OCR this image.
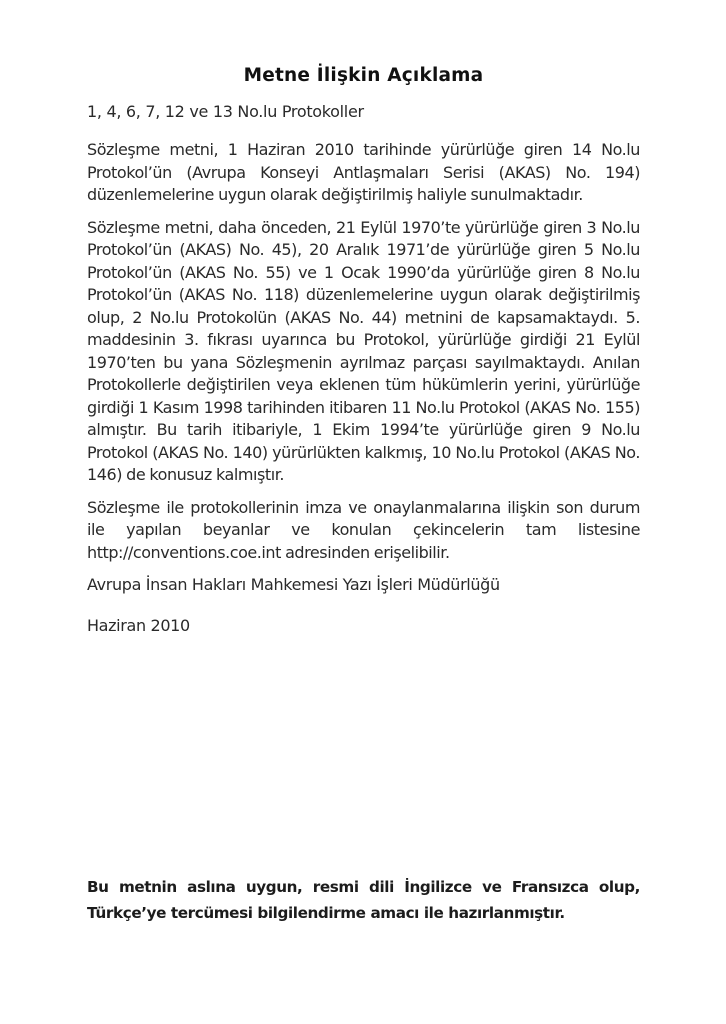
Metne İlişkin Açıklama

1, 4, 6, 7, 12 ve 13 No.lu Protokoller

Sözleşme metni, 1 Haziran 2010 tarihinde yürürlüğe giren 14 No.lu Protokol’ün (Avrupa Konseyi Antlaşmaları Serisi (AKAS) No. 194) düzenlemelerine uygun olarak değiştirilmiş haliyle sunulmaktadır.

Sözleşme metni, daha önceden, 21 Eylül 1970’te yürürlüğe giren 3 No.lu Protokol’ün (AKAS) No. 45), 20 Aralık 1971’de yürürlüğe giren 5 No.lu Protokol’ün (AKAS No. 55) ve 1 Ocak 1990’da yürürlüğe giren 8 No.lu Protokol’ün (AKAS No. 118) düzenlemelerine uygun olarak değiştirilmiş olup, 2 No.lu Protokolün (AKAS No. 44) metnini de kapsamaktaydı. 5. maddesinin 3. fıkrası uyarınca bu Protokol, yürürlüğe girdiği 21 Eylül 1970’ten bu yana Sözleşmenin ayrılmaz parçası sayılmaktaydı. Anılan Protokollerle değiştirilen veya eklenen tüm hükümlerin yerini, yürürlüğe girdiği 1 Kasım 1998 tarihinden itibaren 11 No.lu Protokol (AKAS No. 155) almıştır. Bu tarih itibariyle, 1 Ekim 1994’te yürürlüğe giren 9 No.lu Protokol (AKAS No. 140) yürürlükten kalkmış, 10 No.lu Protokol (AKAS No. 146) de konusuz kalmıştır.

Sözleşme ile protokollerinin imza ve onaylanmalarına ilişkin son durum ile yapılan beyanlar ve konulan çekincelerin tam listesine http://conventions.coe.int adresinden erişelibilir.

Avrupa İnsan Hakları Mahkemesi Yazı İşleri Müdürlüğü

Haziran 2010

Bu metnin aslına uygun, resmi dili İngilizce ve Fransızca olup, Türkçe’ye tercümesi bilgilendirme amacı ile hazırlanmıştır.
